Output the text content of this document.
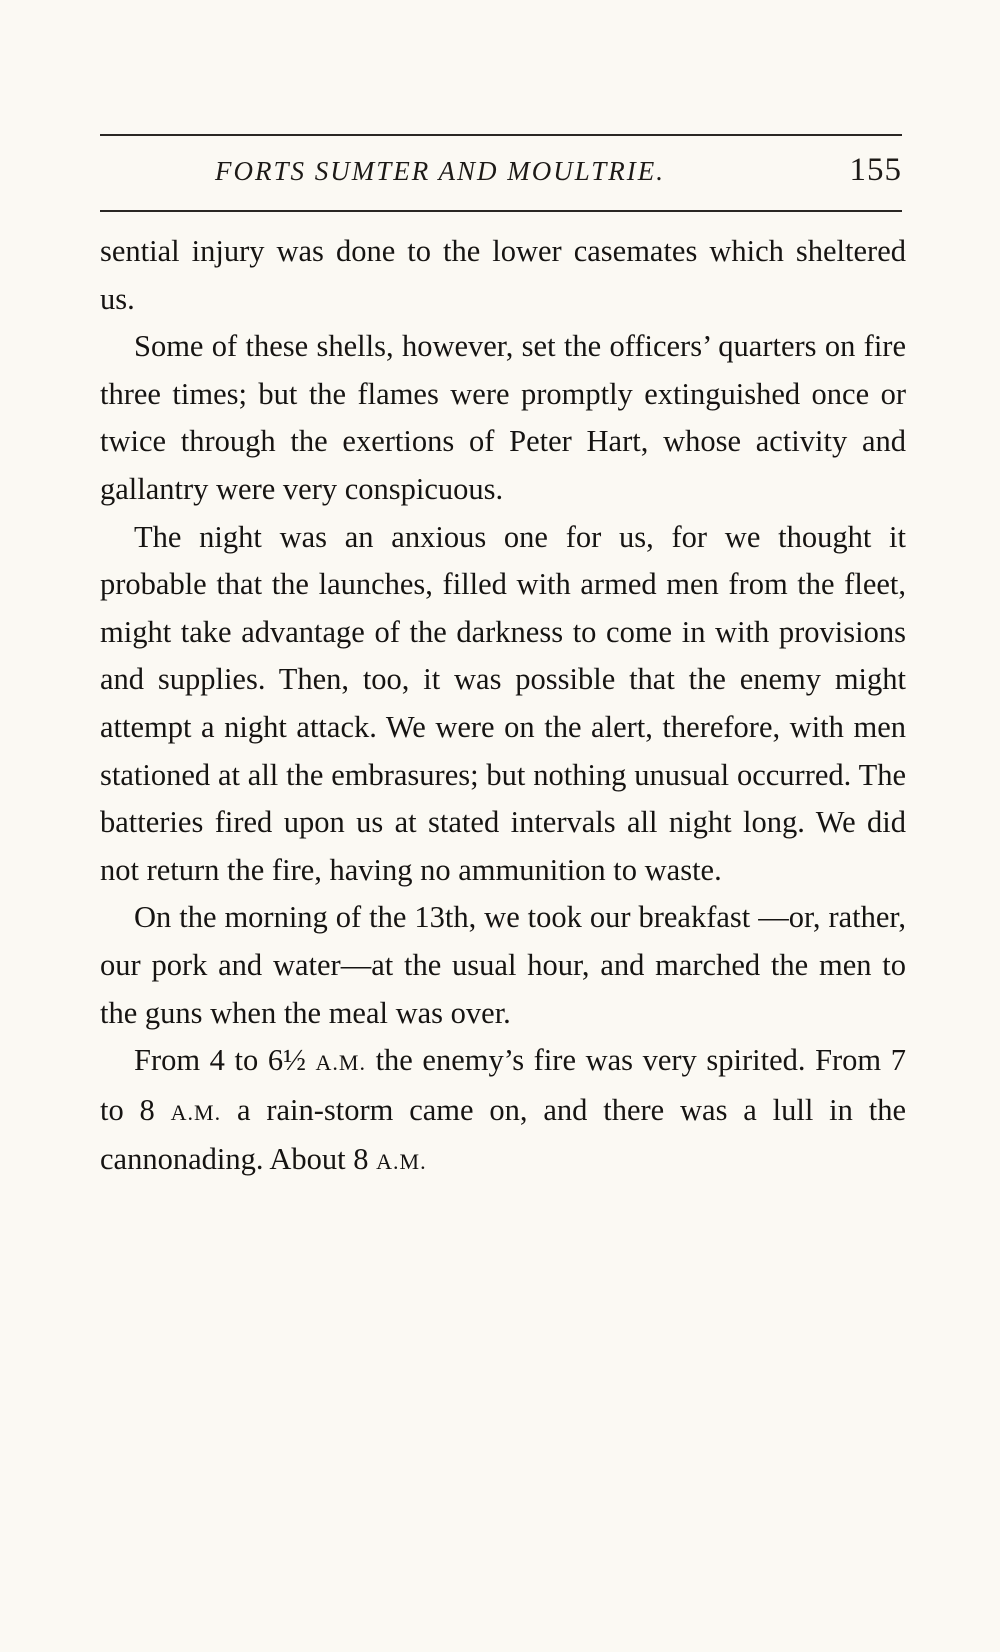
FORTS SUMTER AND MOULTRIE.	155

sential injury was done to the lower casemates which sheltered us.

Some of these shells, however, set the officers’ quarters on fire three times; but the flames were promptly extinguished once or twice through the exertions of Peter Hart, whose activity and gallantry were very conspicuous.

The night was an anxious one for us, for we thought it probable that the launches, filled with armed men from the fleet, might take advantage of the darkness to come in with provisions and supplies. Then, too, it was possible that the enemy might attempt a night attack. We were on the alert, therefore, with men stationed at all the embrasures; but nothing unusual occurred. The batteries fired upon us at stated intervals all night long. We did not return the fire, having no ammunition to waste.

On the morning of the 13th, we took our breakfast —or, rather, our pork and water—at the usual hour, and marched the men to the guns when the meal was over.

From 4 to 6½ A.M. the enemy’s fire was very spirited. From 7 to 8 A.M. a rain-storm came on, and there was a lull in the cannonading. About 8 A.M.
